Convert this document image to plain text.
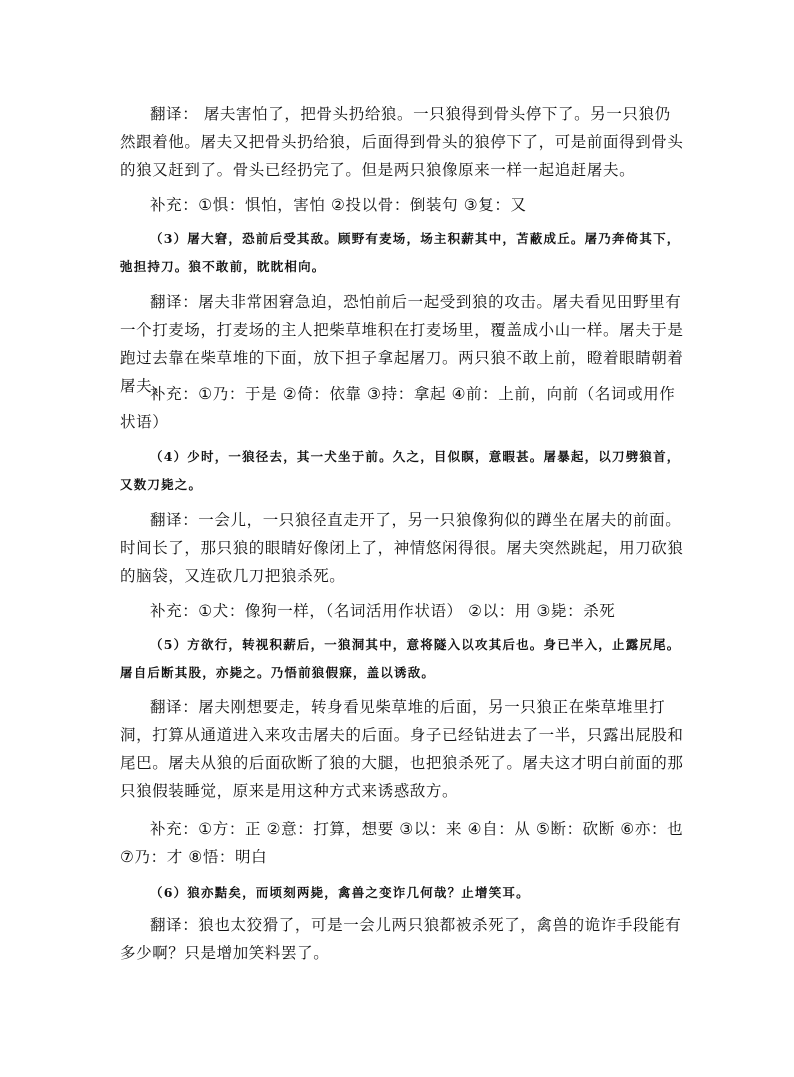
翻译： 屠夫害怕了，把骨头扔给狼。一只狼得到骨头停下了。另一只狼仍然跟着他。屠夫又把骨头扔给狼，后面得到骨头的狼停下了，可是前面得到骨头的狼又赶到了。骨头已经扔完了。但是两只狼像原来一样一起追赶屠夫。
补充：①惧：惧怕，害怕 ②投以骨：倒装句 ③复：又
（3）屠大窘，恐前后受其敌。顾野有麦场，场主积薪其中，苫蔽成丘。屠乃奔倚其下，弛担持刀。狼不敢前，眈眈相向。
翻译：屠夫非常困窘急迫，恐怕前后一起受到狼的攻击。屠夫看见田野里有一个打麦场，打麦场的主人把柴草堆积在打麦场里，覆盖成小山一样。屠夫于是跑过去靠在柴草堆的下面，放下担子拿起屠刀。两只狼不敢上前，瞪着眼睛朝着屠夫。
补充：①乃：于是 ②倚：依靠 ③持：拿起 ④前：上前，向前（名词或用作状语）
（4）少时，一狼径去，其一犬坐于前。久之，目似瞑，意暇甚。屠暴起，以刀劈狼首，又数刀毙之。
翻译：一会儿，一只狼径直走开了，另一只狼像狗似的蹲坐在屠夫的前面。时间长了，那只狼的眼睛好像闭上了，神情悠闲得很。屠夫突然跳起，用刀砍狼的脑袋，又连砍几刀把狼杀死。
补充：①犬：像狗一样，（名词活用作状语） ②以：用 ③毙：杀死
（5）方欲行，转视积薪后，一狼洞其中，意将隧入以攻其后也。身已半入，止露尻尾。屠自后断其股，亦毙之。乃悟前狼假寐，盖以诱敌。
翻译：屠夫刚想要走，转身看见柴草堆的后面，另一只狼正在柴草堆里打洞，打算从通道进入来攻击屠夫的后面。身子已经钻进去了一半，只露出屁股和尾巴。屠夫从狼的后面砍断了狼的大腿，也把狼杀死了。屠夫这才明白前面的那只狼假装睡觉，原来是用这种方式来诱惑敌方。
补充：①方：正 ②意：打算，想要 ③以：来 ④自：从 ⑤断：砍断 ⑥亦：也 ⑦乃：才 ⑧悟：明白
（6）狼亦黠矣，而顷刻两毙，禽兽之变诈几何哉？止增笑耳。
翻译：狼也太狡猾了，可是一会儿两只狼都被杀死了，禽兽的诡诈手段能有多少啊？只是增加笑料罢了。
